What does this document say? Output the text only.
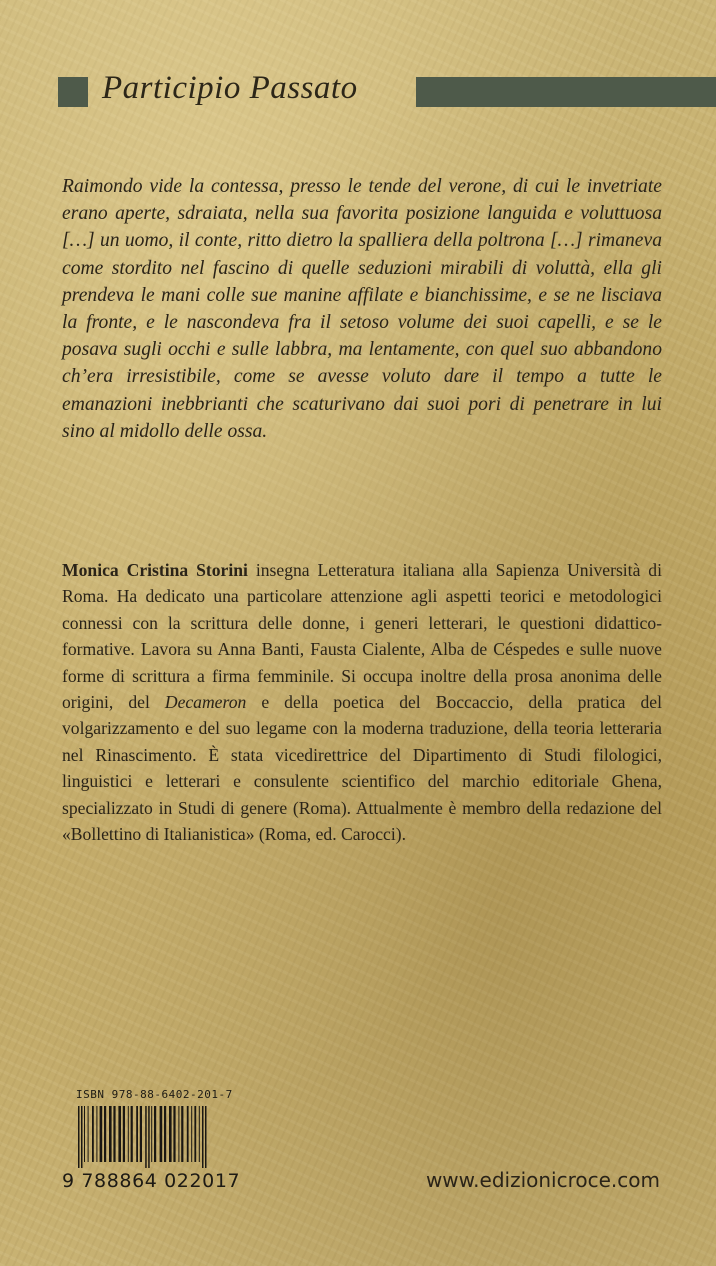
Participio Passato

Raimondo vide la contessa, presso le tende del verone, di cui le invetriate erano aperte, sdraiata, nella sua favorita posizione languida e voluttuosa […] un uomo, il conte, ritto dietro la spalliera della poltrona […] rimaneva come stordito nel fascino di quelle seduzioni mirabili di voluttà, ella gli prendeva le mani colle sue manine affilate e bianchissime, e se ne lisciava la fronte, e le nascondeva fra il setoso volume dei suoi capelli, e se le posava sugli occhi e sulle labbra, ma lentamente, con quel suo abbandono ch’era irresistibile, come se avesse voluto dare il tempo a tutte le emanazioni inebbrianti che scaturivano dai suoi pori di penetrare in lui sino al midollo delle ossa.

Monica Cristina Storini insegna Letteratura italiana alla Sapienza Università di Roma. Ha dedicato una particolare attenzione agli aspetti teorici e metodologici connessi con la scrittura delle donne, i generi letterari, le questioni didattico-formative. Lavora su Anna Banti, Fausta Cialente, Alba de Céspedes e sulle nuove forme di scrittura a firma femminile. Si occupa inoltre della prosa anonima delle origini, del Decameron e della poetica del Boccaccio, della pratica del volgarizzamento e del suo legame con la moderna traduzione, della teoria letteraria nel Rinascimento. È stata vicedirettrice del Dipartimento di Studi filologici, linguistici e letterari e consulente scientifico del marchio editoriale Ghena, specializzato in Studi di genere (Roma). Attualmente è membro della redazione del «Bollettino di Italianistica» (Roma, ed. Carocci).

ISBN 978-88-6402-201-7
9 788864 022017	www.edizionicroce.com
